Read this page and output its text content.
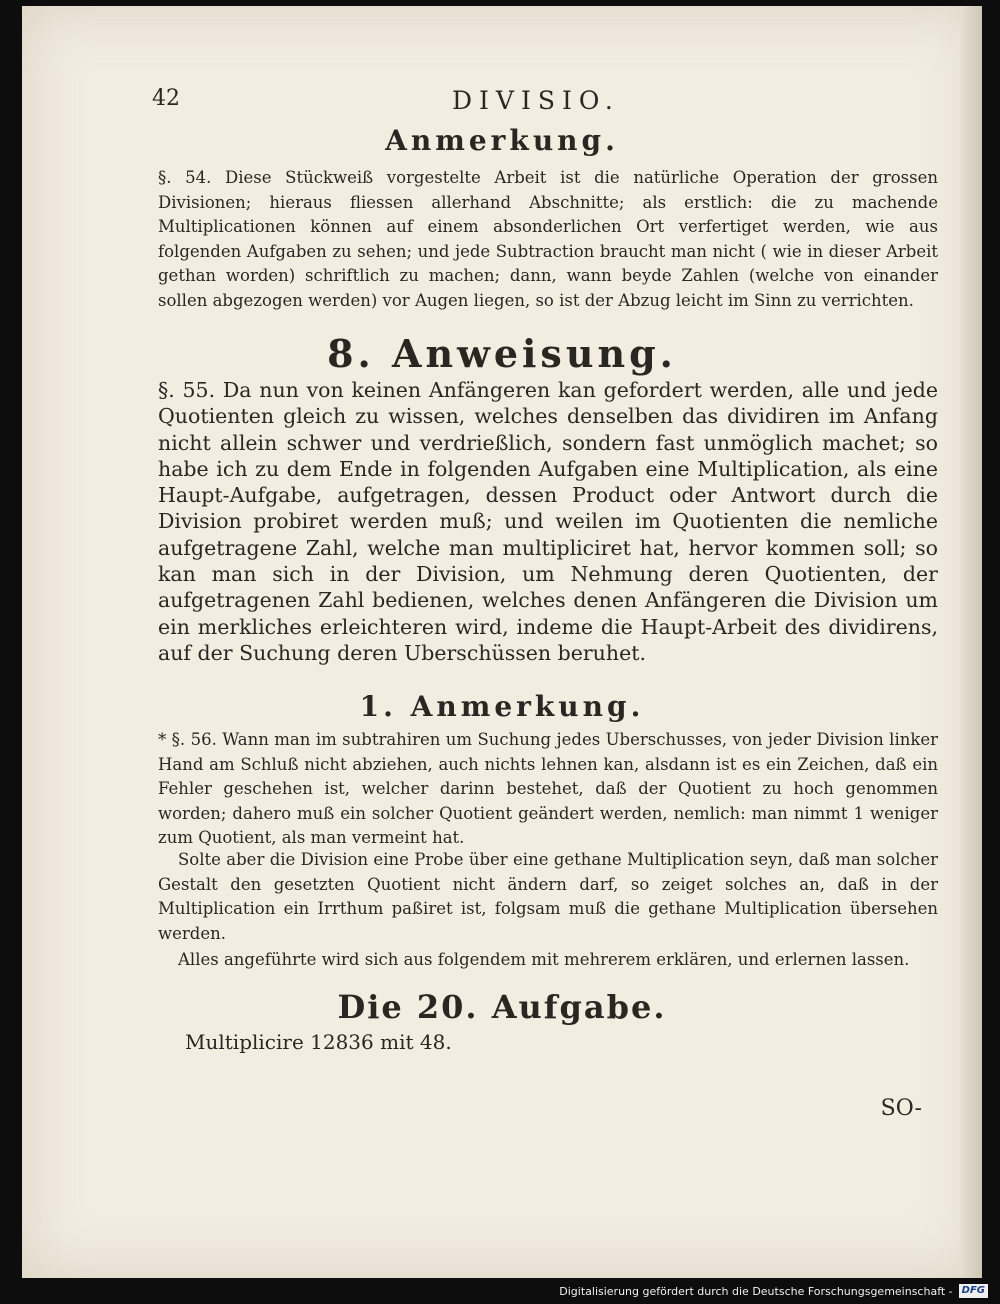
42	DIVISIO.
Anmerkung.
§. 54. Diese Stückweiß vorgestelte Arbeit ist die natürliche Operation der grossen Divisionen; hieraus fliessen allerhand Abschnitte; als erstlich: die zu machende Multiplicationen können auf einem absonderlichen Ort verfertiget werden, wie aus folgenden Aufgaben zu sehen; und jede Subtraction braucht man nicht ( wie in dieser Arbeit gethan worden) schriftlich zu machen; dann, wann beyde Zahlen (welche von einander sollen abgezogen werden) vor Augen liegen, so ist der Abzug leicht im Sinn zu verrichten.
8. Anweisung.
§. 55. Da nun von keinen Anfängeren kan gefordert werden, alle und jede Quotienten gleich zu wissen, welches denselben das dividiren im Anfang nicht allein schwer und verdrießlich, sondern fast unmöglich machet; so habe ich zu dem Ende in folgenden Aufgaben eine Multiplication, als eine Haupt-Aufgabe, aufgetragen, dessen Product oder Antwort durch die Division probiret werden muß; und weilen im Quotienten die nemliche aufgetragene Zahl, welche man multipliciret hat, hervor kommen soll; so kan man sich in der Division, um Nehmung deren Quotienten, der aufgetragenen Zahl bedienen, welches denen Anfängeren die Division um ein merkliches erleichteren wird, indeme die Haupt-Arbeit des dividirens, auf der Suchung deren Uberschüssen beruhet.
1. Anmerkung.
* §. 56. Wann man im subtrahiren um Suchung jedes Uberschusses, von jeder Division linker Hand am Schluß nicht abziehen, auch nichts lehnen kan, alsdann ist es ein Zeichen, daß ein Fehler geschehen ist, welcher darinn bestehet, daß der Quotient zu hoch genommen worden; dahero muß ein solcher Quotient geändert werden, nemlich: man nimmt 1 weniger zum Quotient, als man vermeint hat.
Solte aber die Division eine Probe über eine gethane Multiplication seyn, daß man solcher Gestalt den gesetzten Quotient nicht ändern darf, so zeiget solches an, daß in der Multiplication ein Irrthum paßiret ist, folgsam muß die gethane Multiplication übersehen werden.
Alles angeführte wird sich aus folgendem mit mehrerem erklären, und erlernen lassen.
Die 20. Aufgabe.
Multiplicire 12836 mit 48.
SO-
Digitalisierung gefördert durch die Deutsche Forschungsgemeinschaft - DFG
